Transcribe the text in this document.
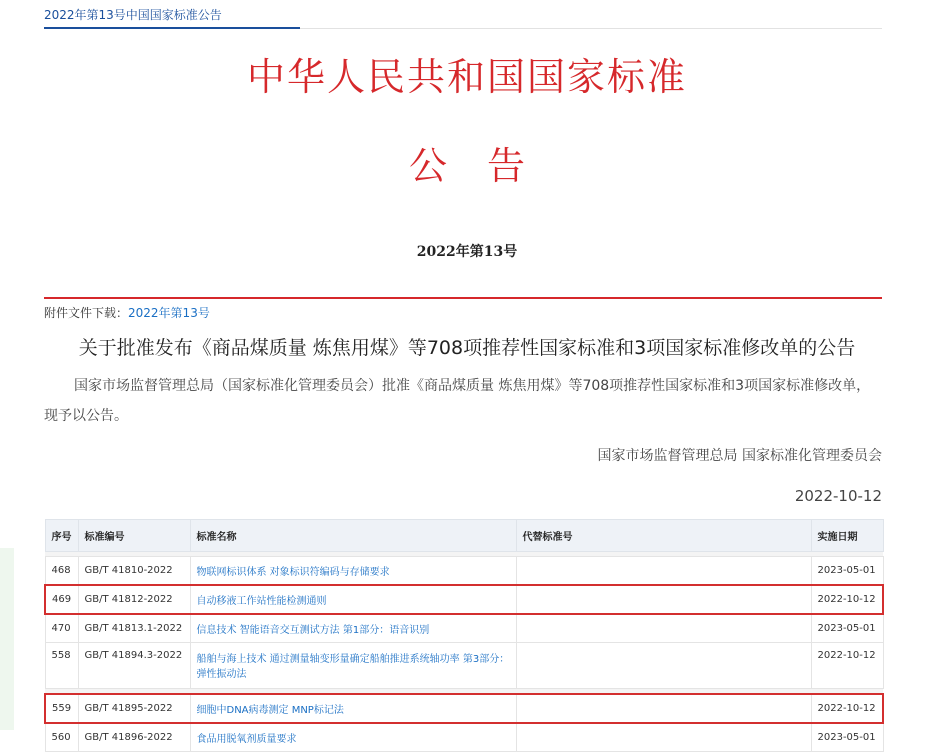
2022年第13号中国国家标准公告
中华人民共和国国家标准
公告
2022年第13号
附件文件下载：2022年第13号
关于批准发布《商品煤质量 炼焦用煤》等708项推荐性国家标准和3项国家标准修改单的公告
国家市场监督管理总局（国家标准化管理委员会）批准《商品煤质量 炼焦用煤》等708项推荐性国家标准和3项国家标准修改单，现予以公告。
国家市场监督管理总局 国家标准化管理委员会
2022-10-12
序号	标准编号	标准名称	代替标准号	实施日期

468	GB/T 41810-2022	物联网标识体系 对象标识符编码与存储要求		2023-05-01
469	GB/T 41812-2022	自动移液工作站性能检测通则		2022-10-12
470	GB/T 41813.1-2022	信息技术 智能语音交互测试方法 第1部分：语音识别		2023-05-01
558	GB/T 41894.3-2022	船舶与海上技术 通过测量轴变形量确定船舶推进系统轴功率 第3部分：弹性振动法		2022-10-12

559	GB/T 41895-2022	细胞中DNA病毒测定 MNP标记法		2022-10-12
560	GB/T 41896-2022	食品用脱氧剂质量要求		2023-05-01
